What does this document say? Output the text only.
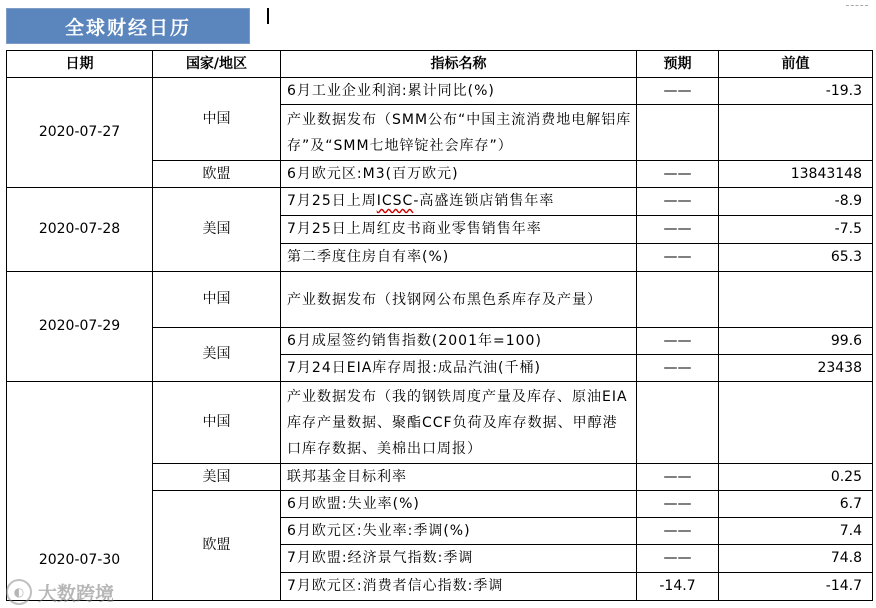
全球财经日历
日期	国家/地区	指标名称	预期	前值
2020-07-27	中国	6月工业企业利润:累计同比(%)	——	-19.3
		产业数据发布（SMM公布“中国主流消费地电解铝库存”及“SMM七地锌锭社会库存”）		
	欧盟	6月欧元区:M3(百万欧元)	——	13843148
2020-07-28	美国	7月25日上周ICSC-高盛连锁店销售年率	——	-8.9
		7月25日上周红皮书商业零售销售年率	——	-7.5
		第二季度住房自有率(%)	——	65.3
2020-07-29	中国	产业数据发布（找钢网公布黑色系库存及产量）		
	美国	6月成屋签约销售指数(2001年=100)	——	99.6
		7月24日EIA库存周报:成品汽油(千桶)	——	23438
2020-07-30	中国	产业数据发布（我的钢铁周度产量及库存、原油EIA库存产量数据、聚酯CCF负荷及库存数据、甲醇港口库存数据、美棉出口周报）		
	美国	联邦基金目标利率	——	0.25
	欧盟	6月欧盟:失业率(%)	——	6.7
		6月欧元区:失业率:季调(%)	——	7.4
		7月欧盟:经济景气指数:季调	——	74.8
		7月欧元区:消费者信心指数:季调	-14.7	-14.7
◐ 大数跨境
